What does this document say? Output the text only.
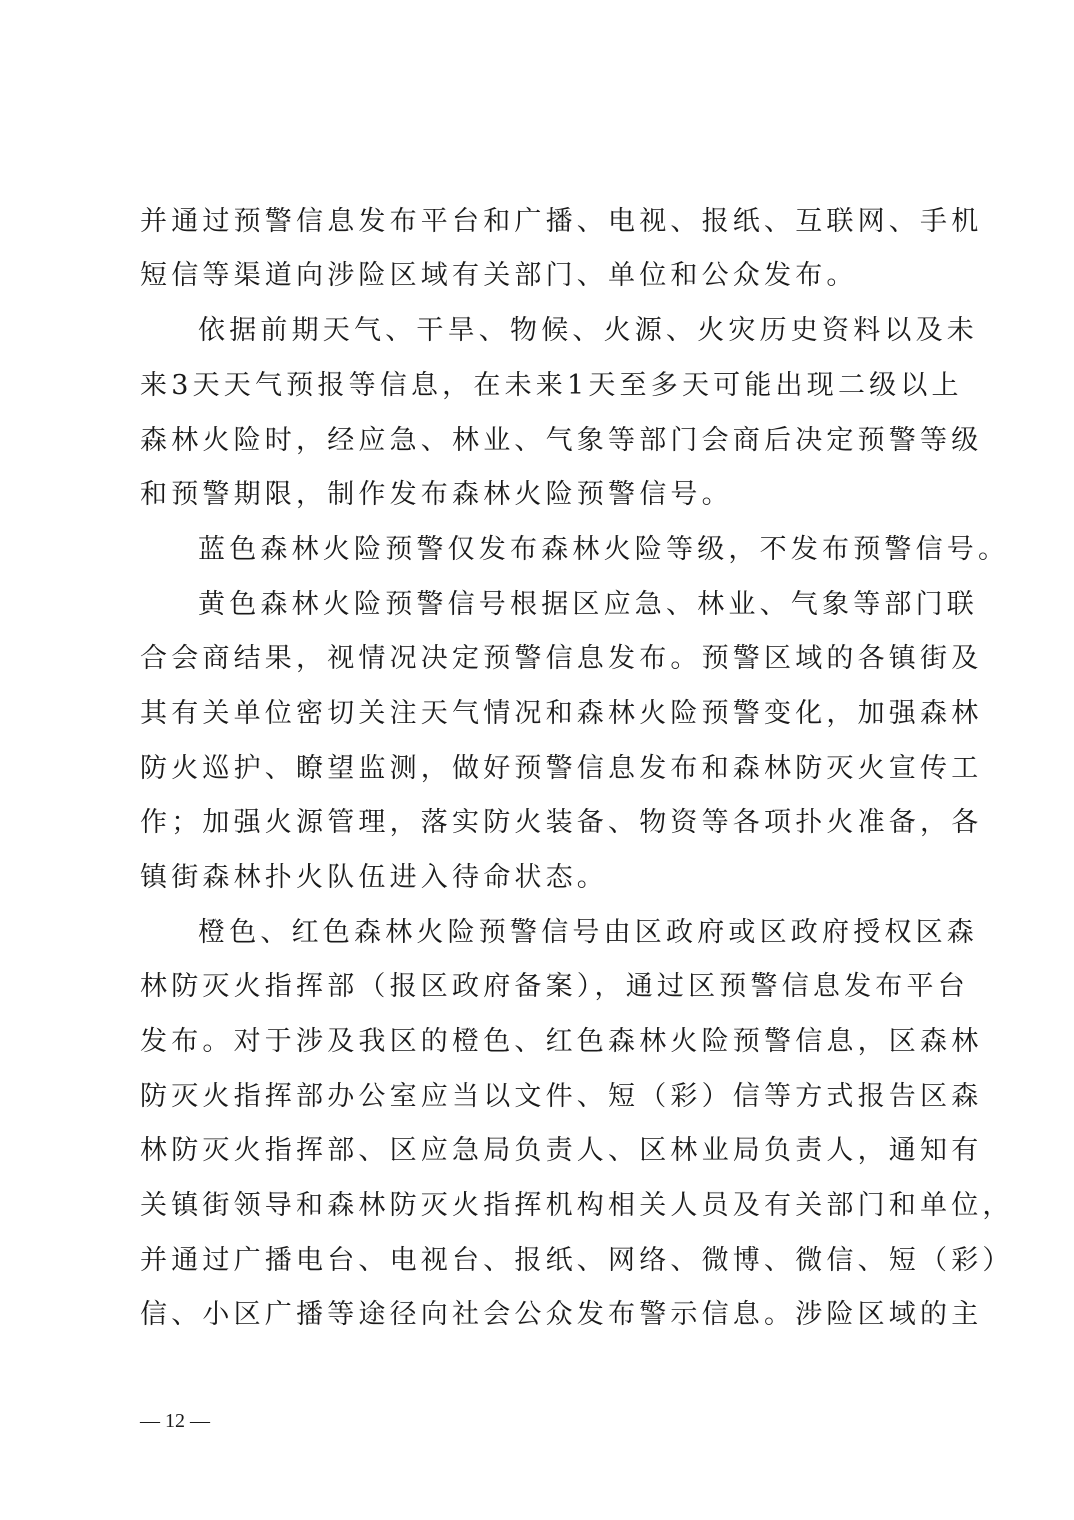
并通过预警信息发布平台和广播、电视、报纸、互联网、手机
短信等渠道向涉险区域有关部门、单位和公众发布。
依据前期天气、干旱、物候、火源、火灾历史资料以及未
来3天天气预报等信息，在未来1天至多天可能出现二级以上
森林火险时，经应急、林业、气象等部门会商后决定预警等级
和预警期限，制作发布森林火险预警信号。
蓝色森林火险预警仅发布森林火险等级，不发布预警信号。
黄色森林火险预警信号根据区应急、林业、气象等部门联
合会商结果，视情况决定预警信息发布。预警区域的各镇街及
其有关单位密切关注天气情况和森林火险预警变化，加强森林
防火巡护、瞭望监测，做好预警信息发布和森林防灭火宣传工
作；加强火源管理，落实防火装备、物资等各项扑火准备，各
镇街森林扑火队伍进入待命状态。
橙色、红色森林火险预警信号由区政府或区政府授权区森
林防灭火指挥部（报区政府备案），通过区预警信息发布平台
发布。对于涉及我区的橙色、红色森林火险预警信息，区森林
防灭火指挥部办公室应当以文件、短（彩）信等方式报告区森
林防灭火指挥部、区应急局负责人、区林业局负责人，通知有
关镇街领导和森林防灭火指挥机构相关人员及有关部门和单位，
并通过广播电台、电视台、报纸、网络、微博、微信、短（彩）
信、小区广播等途径向社会公众发布警示信息。涉险区域的主
— 12 —
